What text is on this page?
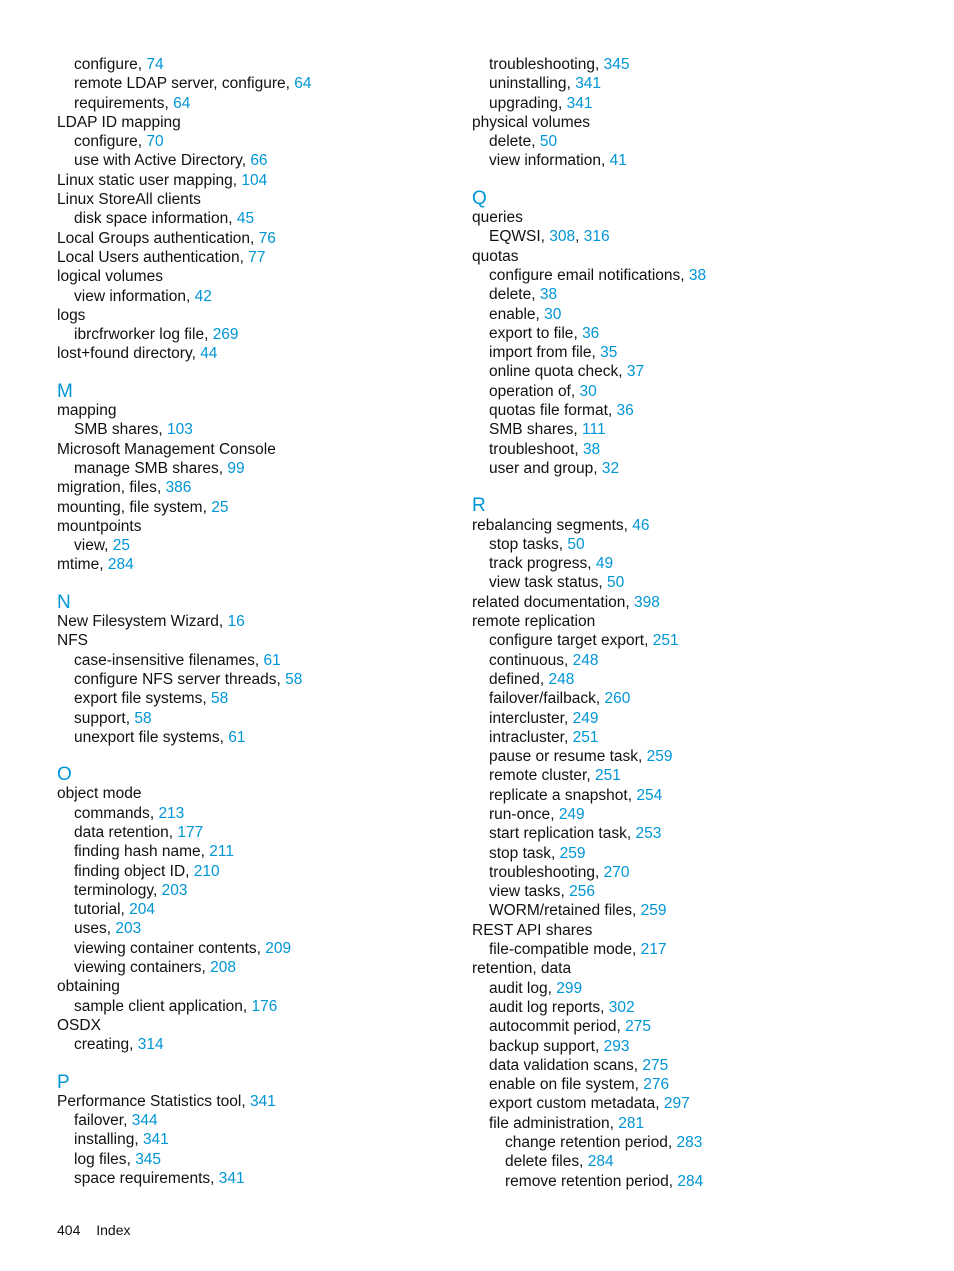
configure, 74
remote LDAP server, configure, 64
requirements, 64
LDAP ID mapping
configure, 70
use with Active Directory, 66
Linux static user mapping, 104
Linux StoreAll clients
disk space information, 45
Local Groups authentication, 76
Local Users authentication, 77
logical volumes
view information, 42
logs
ibrcfrworker log file, 269
lost+found directory, 44
M
mapping
SMB shares, 103
Microsoft Management Console
manage SMB shares, 99
migration, files, 386
mounting, file system, 25
mountpoints
view, 25
mtime, 284
N
New Filesystem Wizard, 16
NFS
case-insensitive filenames, 61
configure NFS server threads, 58
export file systems, 58
support, 58
unexport file systems, 61
O
object mode
commands, 213
data retention, 177
finding hash name, 211
finding object ID, 210
terminology, 203
tutorial, 204
uses, 203
viewing container contents, 209
viewing containers, 208
obtaining
sample client application, 176
OSDX
creating, 314
P
Performance Statistics tool, 341
failover, 344
installing, 341
log files, 345
space requirements, 341
troubleshooting, 345
uninstalling, 341
upgrading, 341
physical volumes
delete, 50
view information, 41
Q
queries
EQWSI, 308, 316
quotas
configure email notifications, 38
delete, 38
enable, 30
export to file, 36
import from file, 35
online quota check, 37
operation of, 30
quotas file format, 36
SMB shares, 111
troubleshoot, 38
user and group, 32
R
rebalancing segments, 46
stop tasks, 50
track progress, 49
view task status, 50
related documentation, 398
remote replication
configure target export, 251
continuous, 248
defined, 248
failover/failback, 260
intercluster, 249
intracluster, 251
pause or resume task, 259
remote cluster, 251
replicate a snapshot, 254
run-once, 249
start replication task, 253
stop task, 259
troubleshooting, 270
view tasks, 256
WORM/retained files, 259
REST API shares
file-compatible mode, 217
retention, data
audit log, 299
audit log reports, 302
autocommit period, 275
backup support, 293
data validation scans, 275
enable on file system, 276
export custom metadata, 297
file administration, 281
change retention period, 283
delete files, 284
remove retention period, 284
404 Index
